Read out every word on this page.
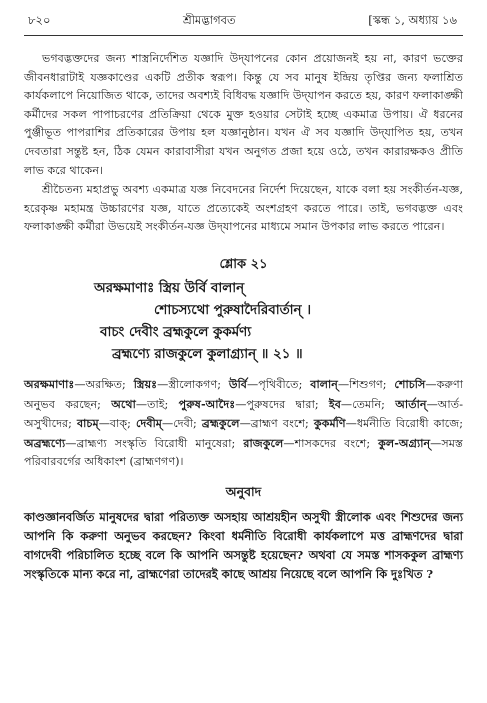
৮২০	শ্রীমদ্ভাগবত	[স্কন্ধ ১, অধ্যায় ১৬

ভগবদ্ভক্তদের জন্য শাস্ত্রনির্দেশিত যজ্ঞাদি উদ্‌যাপনের কোন প্রয়োজনই হয় না, কারণ ভক্তের জীবনধারাটাই যজ্ঞকাণ্ডের একটি প্রতীক স্বরূপ। কিন্তু যে সব মানুষ ইন্দ্রিয় তৃপ্তির জন্য ফলাশ্রিত কার্যকলাপে নিয়োজিত থাকে, তাদের অবশ্যই বিধিবদ্ধ যজ্ঞাদি উদ্‌যাপন করতে হয়, কারণ ফলাকাঙ্ক্ষী কর্মীদের সকল পাপাচরণের প্রতিক্রিয়া থেকে মুক্ত হওয়ার সেটাই হচ্ছে একমাত্র উপায়। ঐ ধরনের পুঞ্জীভূত পাপরাশির প্রতিকারের উপায় হল যজ্ঞানুষ্ঠান। যখন ঐ সব যজ্ঞাদি উদ্‌যাপিত হয়, তখন দেবতারা সন্তুষ্ট হন, ঠিক যেমন কারাবাসীরা যখন অনুগত প্রজা হয়ে ওঠে, তখন কারারক্ষকও প্রীতি লাভ করে থাকেন।

শ্রীচৈতন্য মহাপ্রভু অবশ্য একমাত্র যজ্ঞ নিবেদনের নির্দেশ দিয়েছেন, যাকে বলা হয় সংকীর্তন-যজ্ঞ, হরেকৃষ্ণ মহামন্ত্র উচ্চারণের যজ্ঞ, যাতে প্রত্যেকেই অংশগ্রহণ করতে পারে। তাই, ভগবদ্ভক্ত এবং ফলাকাঙ্ক্ষী কর্মীরা উভয়েই সংকীর্তন-যজ্ঞ উদ্‌যাপনের মাধ্যমে সমান উপকার লাভ করতে পারেন।

শ্লোক ২১
অরক্ষমাণাঃ স্ত্রিয় উর্বি বালান্‌
শোচস্যথো পুরুষাদৈরিবার্তান্‌ ।
বাচং দেবীং ব্রহ্মকুলে কুকর্মণ্য
ব্রহ্মণ্যে রাজকুলে কুলাগ্র্যান্‌ ॥ ২১ ॥
অরক্ষমাণাঃ—অরক্ষিত; স্ত্রিয়ঃ—স্ত্রীলোকগণ; উর্বি—পৃথিবীতে; বালান্‌—শিশুগণ; শোচসি—করুণা অনুভব করছেন; অথো—তাই; পুরুষ-আদৈঃ—পুরুষদের দ্বারা; ইব—তেমনি; আর্তান্‌—আর্ত-অসুখীদের; বাচম্‌—বাক্; দেবীম্‌—দেবী; ব্রহ্মকুলে—ব্রাহ্মণ বংশে; কুকর্মণি—ধর্মনীতি বিরোধী কাজে; অব্রহ্মণ্যে—ব্রাহ্মণ্য সংস্কৃতি বিরোধী মানুষেরা; রাজকুলে—শাসকদের বংশে; কুল-অগ্র্যান্‌—সমস্ত পরিবারবর্গের অধিকাংশ (ব্রাহ্মণগণ)।
অনুবাদ

কাণ্ডজ্ঞানবর্জিত মানুষদের দ্বারা পরিত্যক্ত অসহায় আশ্রয়হীন অসুখী স্ত্রীলোক এবং শিশুদের জন্য আপনি কি করুণা অনুভব করছেন? কিংবা ধর্মনীতি বিরোধী কার্যকলাপে মত্ত ব্রাহ্মণদের দ্বারা বাগদেবী পরিচালিত হচ্ছে বলে কি আপনি অসন্তুষ্ট হয়েছেন? অথবা যে সমস্ত শাসককুল ব্রাহ্মণ্য সংস্কৃতিকে মান্য করে না, ব্রাহ্মণেরা তাদেরই কাছে আশ্রয় নিয়েছে বলে আপনি কি দুঃখিত ?
